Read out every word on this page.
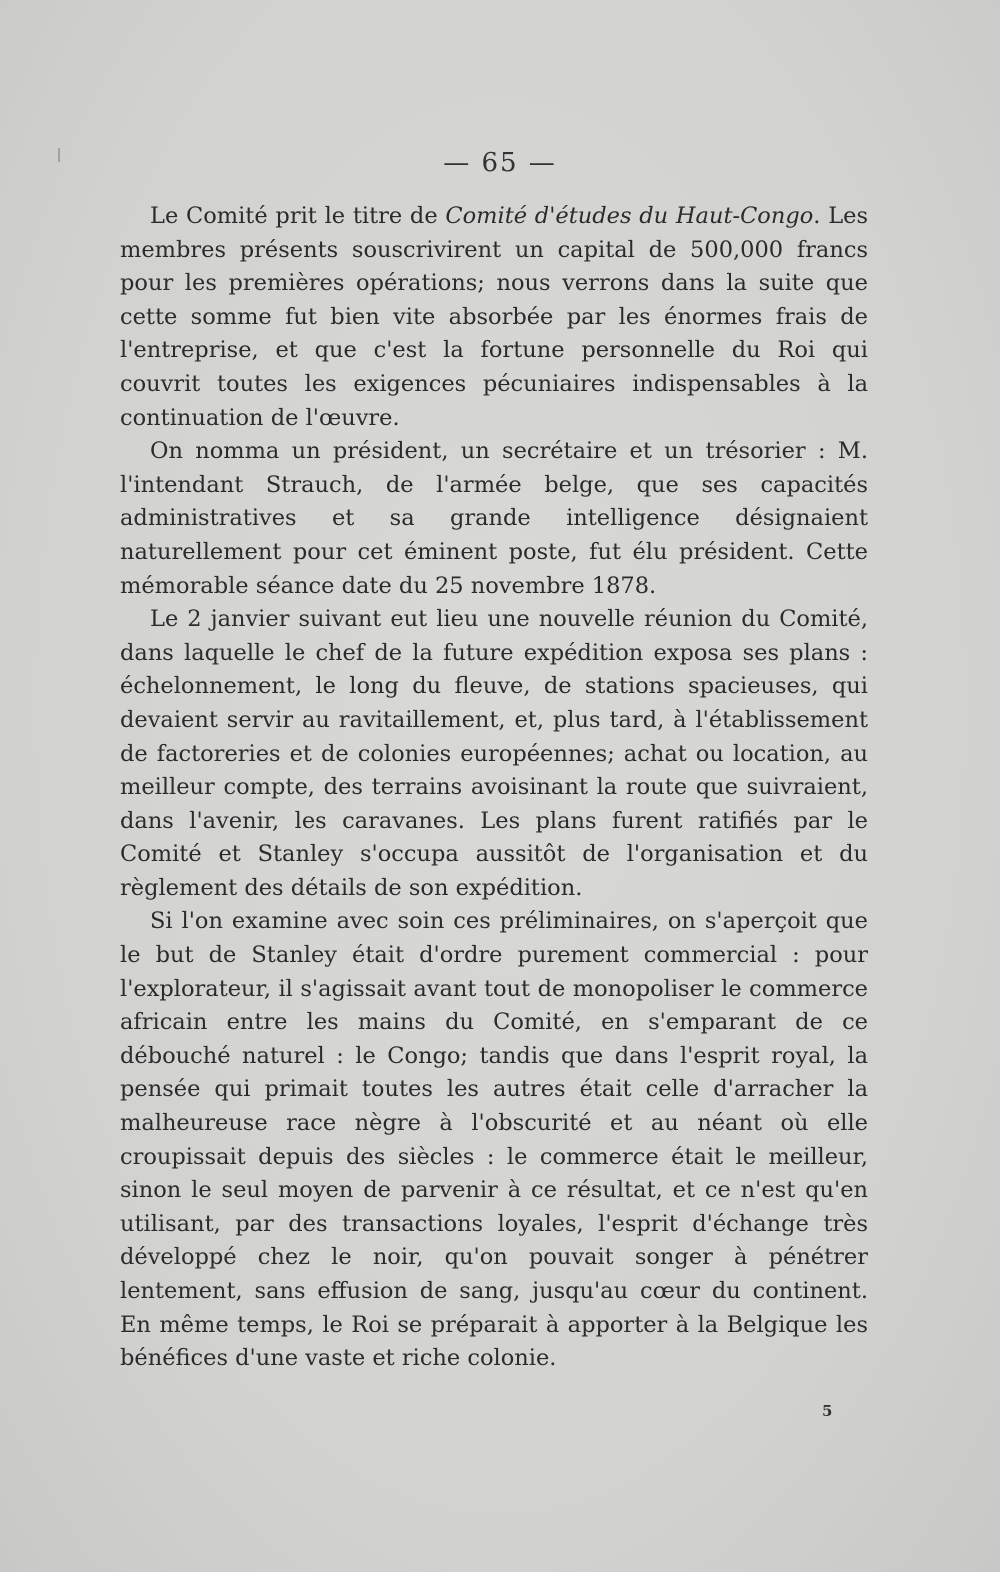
— 65 —

Le Comité prit le titre de Comité d'études du Haut-Congo. Les membres présents souscrivirent un capital de 500,000 francs pour les premières opérations; nous verrons dans la suite que cette somme fut bien vite absorbée par les énormes frais de l'entreprise, et que c'est la fortune personnelle du Roi qui couvrit toutes les exigences pécuniaires indispensables à la continuation de l'œuvre.

On nomma un président, un secrétaire et un trésorier : M. l'intendant Strauch, de l'armée belge, que ses capacités administratives et sa grande intelligence désignaient naturellement pour cet éminent poste, fut élu président. Cette mémorable séance date du 25 novembre 1878.

Le 2 janvier suivant eut lieu une nouvelle réunion du Comité, dans laquelle le chef de la future expédition exposa ses plans : échelonnement, le long du fleuve, de stations spacieuses, qui devaient servir au ravitaillement, et, plus tard, à l'établissement de factoreries et de colonies européennes; achat ou location, au meilleur compte, des terrains avoisinant la route que suivraient, dans l'avenir, les caravanes. Les plans furent ratifiés par le Comité et Stanley s'occupa aussitôt de l'organisation et du règlement des détails de son expédition.

Si l'on examine avec soin ces préliminaires, on s'aperçoit que le but de Stanley était d'ordre purement commercial : pour l'explorateur, il s'agissait avant tout de monopoliser le commerce africain entre les mains du Comité, en s'emparant de ce débouché naturel : le Congo; tandis que dans l'esprit royal, la pensée qui primait toutes les autres était celle d'arracher la malheureuse race nègre à l'obscurité et au néant où elle croupissait depuis des siècles : le commerce était le meilleur, sinon le seul moyen de parvenir à ce résultat, et ce n'est qu'en utilisant, par des transactions loyales, l'esprit d'échange très développé chez le noir, qu'on pouvait songer à pénétrer lentement, sans effusion de sang, jusqu'au cœur du continent. En même temps, le Roi se préparait à apporter à la Belgique les bénéfices d'une vaste et riche colonie.

5
